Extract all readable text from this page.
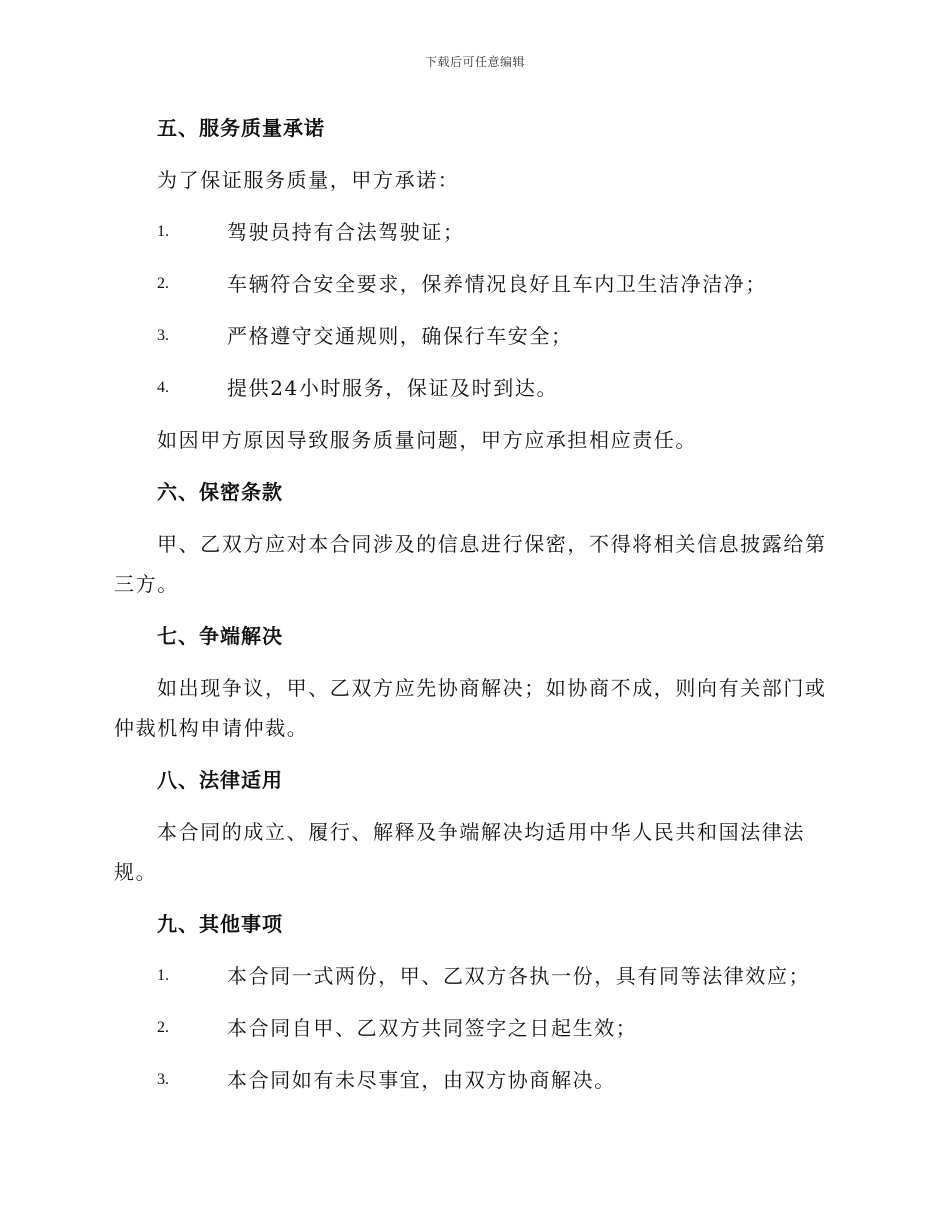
下载后可任意编辑
五、服务质量承诺
为了保证服务质量，甲方承诺：
1.	驾驶员持有合法驾驶证；
2.	车辆符合安全要求，保养情况良好且车内卫生洁净洁净；
3.	严格遵守交通规则，确保行车安全；
4.	提供24小时服务，保证及时到达。
如因甲方原因导致服务质量问题，甲方应承担相应责任。
六、保密条款
甲、乙双方应对本合同涉及的信息进行保密，不得将相关信息披露给第三方。
七、争端解决
如出现争议，甲、乙双方应先协商解决；如协商不成，则向有关部门或仲裁机构申请仲裁。
八、法律适用
本合同的成立、履行、解释及争端解决均适用中华人民共和国法律法规。
九、其他事项
1.	本合同一式两份，甲、乙双方各执一份，具有同等法律效应；
2.	本合同自甲、乙双方共同签字之日起生效；
3.	本合同如有未尽事宜，由双方协商解决。
